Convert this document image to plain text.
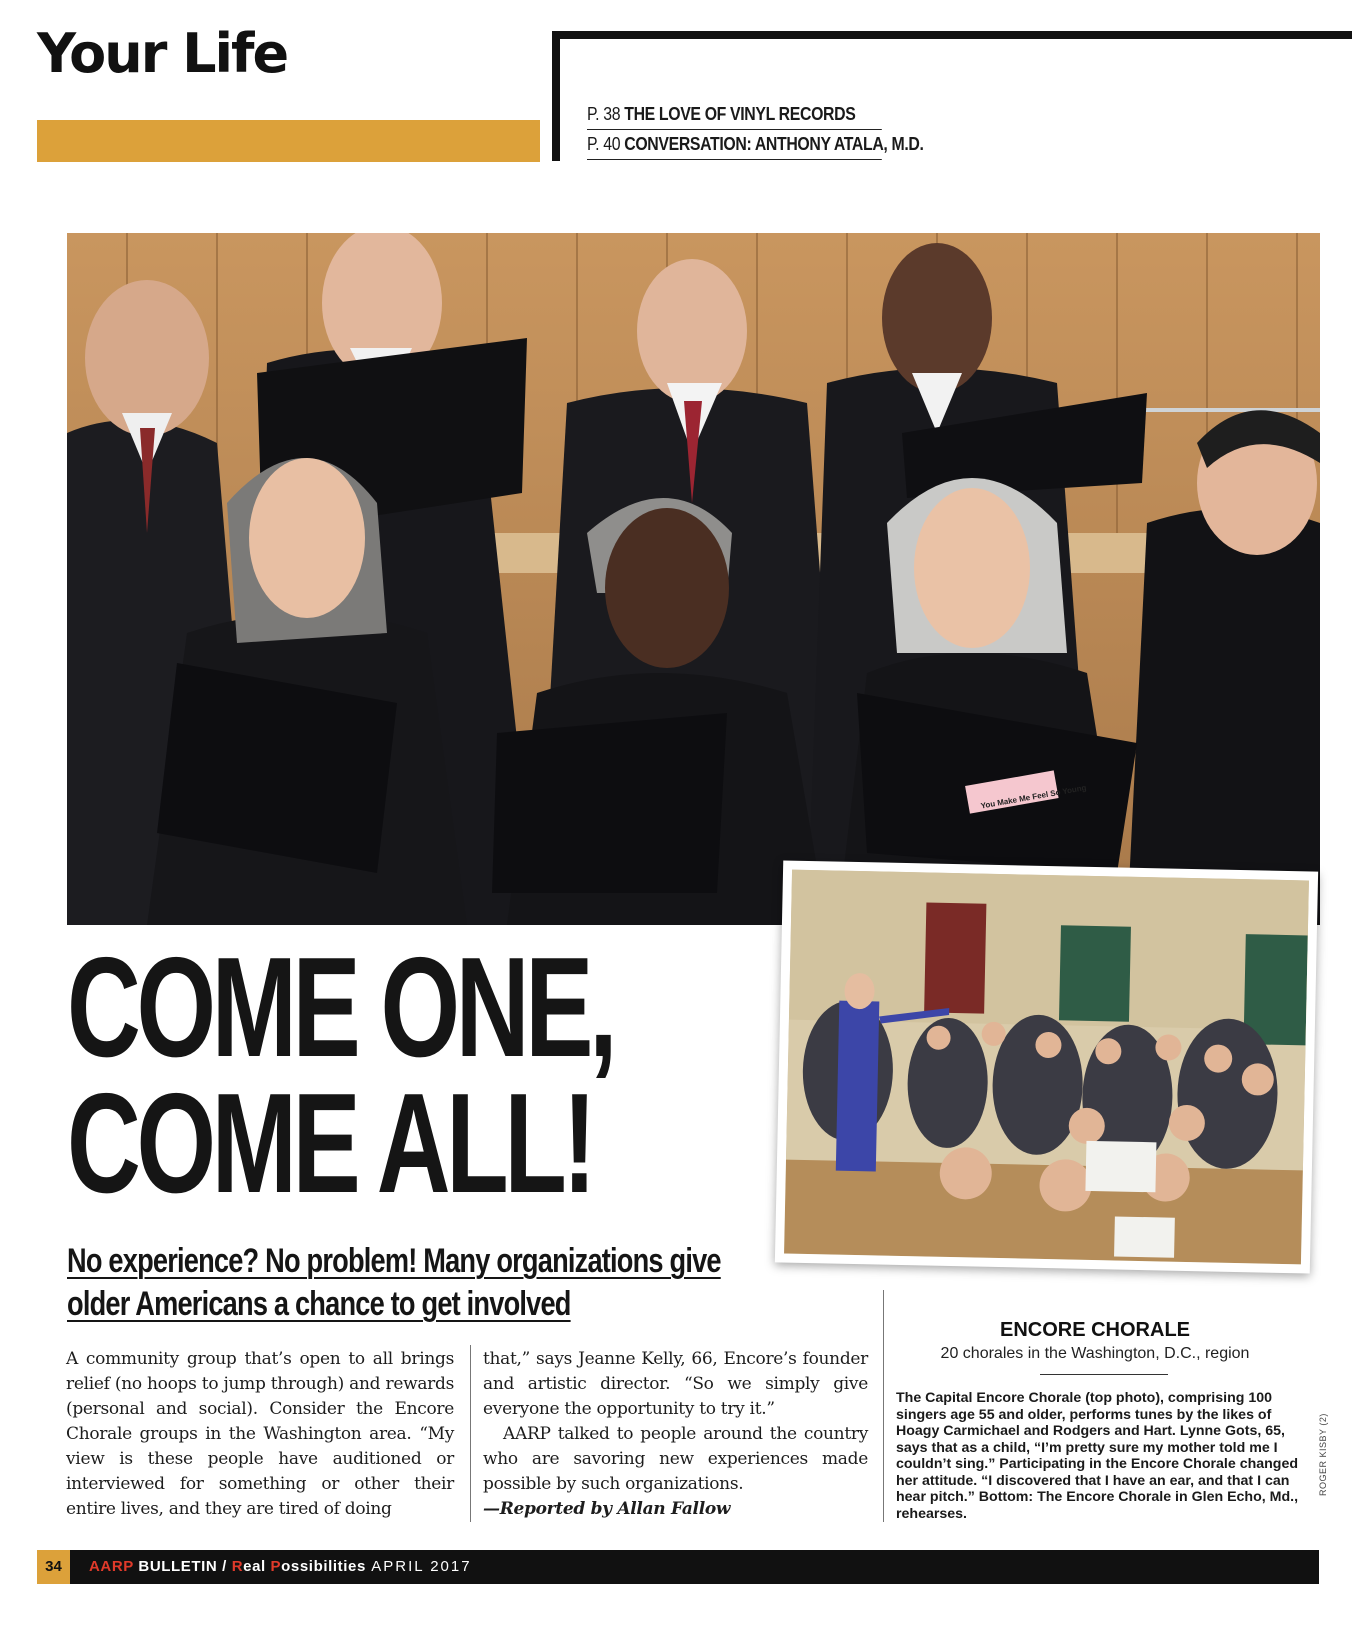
Your Life
P. 38 THE LOVE OF VINYL RECORDS
P. 40 CONVERSATION: ANTHONY ATALA, M.D.
You Make Me Feel So Young
COME ONE,
COME ALL!

No experience? No problem! Many organizations give older Americans a chance to get involved

A community group that’s open to all brings relief (no hoops to jump through) and rewards (personal and social). Consider the Encore Chorale groups in the Washington area. “My view is these people have auditioned or interviewed for something or other their entire lives, and they are tired of doing

that,” says Jeanne Kelly, 66, Encore’s founder and artistic director. “So we simply give everyone the opportunity to try it.”

AARP talked to people around the country who are savoring new experiences made possible by such organizations.

—Reported by Allan Fallow

ENCORE CHORALE
20 chorales in the Washington, D.C., region
The Capital Encore Chorale (top photo), comprising 100 singers age 55 and older, performs tunes by the likes of Hoagy Carmichael and Rodgers and Hart. Lynne Gots, 65, says that as a child, “I’m pretty sure my mother told me I couldn’t sing.” Participating in the Encore Chorale changed her attitude. “I discovered that I have an ear, and that I can hear pitch.” Bottom: The Encore Chorale in Glen Echo, Md., rehearses.
ROGER KISBY (2)
34	AARP BULLETIN / Real Possibilities APRIL 2017
